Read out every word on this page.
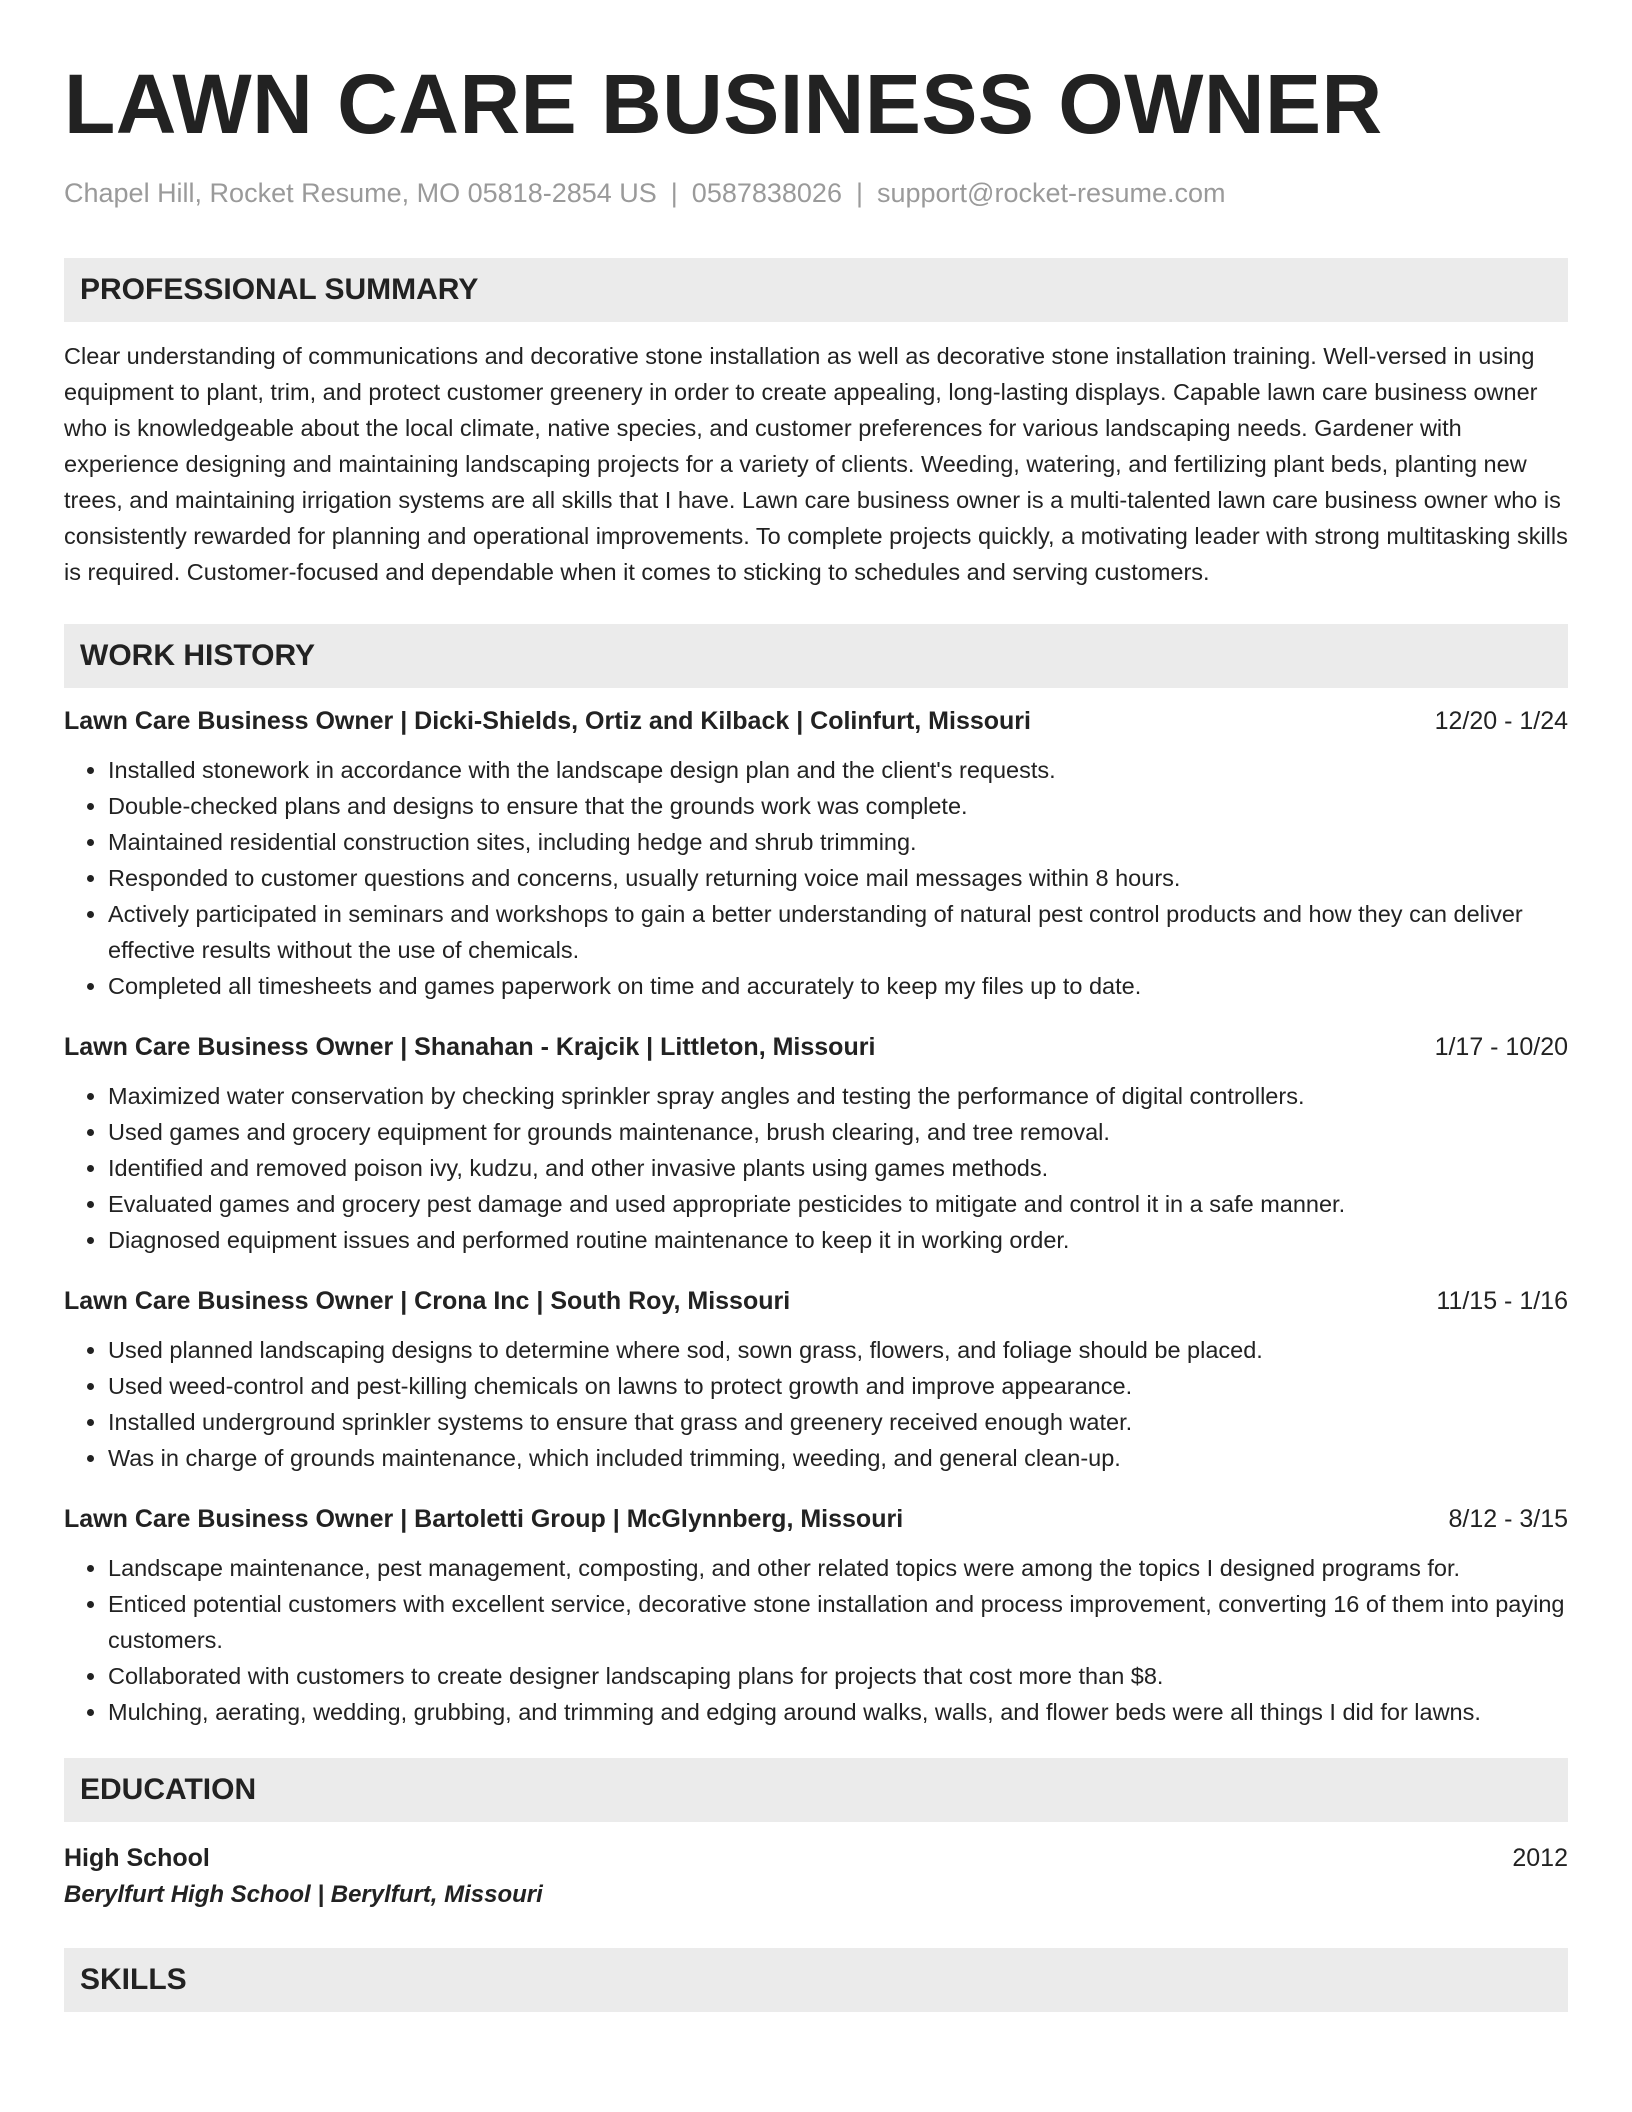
LAWN CARE BUSINESS OWNER
Chapel Hill, Rocket Resume, MO 05818-2854 US | 0587838026 | support@rocket-resume.com
PROFESSIONAL SUMMARY
Clear understanding of communications and decorative stone installation as well as decorative stone installation training. Well-versed in using equipment to plant, trim, and protect customer greenery in order to create appealing, long-lasting displays. Capable lawn care business owner who is knowledgeable about the local climate, native species, and customer preferences for various landscaping needs. Gardener with experience designing and maintaining landscaping projects for a variety of clients. Weeding, watering, and fertilizing plant beds, planting new trees, and maintaining irrigation systems are all skills that I have. Lawn care business owner is a multi-talented lawn care business owner who is consistently rewarded for planning and operational improvements. To complete projects quickly, a motivating leader with strong multitasking skills is required. Customer-focused and dependable when it comes to sticking to schedules and serving customers.
WORK HISTORY
Lawn Care Business Owner | Dicki-Shields, Ortiz and Kilback | Colinfurt, Missouri	12/20 - 1/24
• Installed stonework in accordance with the landscape design plan and the client's requests.
• Double-checked plans and designs to ensure that the grounds work was complete.
• Maintained residential construction sites, including hedge and shrub trimming.
• Responded to customer questions and concerns, usually returning voice mail messages within 8 hours.
• Actively participated in seminars and workshops to gain a better understanding of natural pest control products and how they can deliver effective results without the use of chemicals.
• Completed all timesheets and games paperwork on time and accurately to keep my files up to date.
Lawn Care Business Owner | Shanahan - Krajcik | Littleton, Missouri	1/17 - 10/20
• Maximized water conservation by checking sprinkler spray angles and testing the performance of digital controllers.
• Used games and grocery equipment for grounds maintenance, brush clearing, and tree removal.
• Identified and removed poison ivy, kudzu, and other invasive plants using games methods.
• Evaluated games and grocery pest damage and used appropriate pesticides to mitigate and control it in a safe manner.
• Diagnosed equipment issues and performed routine maintenance to keep it in working order.
Lawn Care Business Owner | Crona Inc | South Roy, Missouri	11/15 - 1/16
• Used planned landscaping designs to determine where sod, sown grass, flowers, and foliage should be placed.
• Used weed-control and pest-killing chemicals on lawns to protect growth and improve appearance.
• Installed underground sprinkler systems to ensure that grass and greenery received enough water.
• Was in charge of grounds maintenance, which included trimming, weeding, and general clean-up.
Lawn Care Business Owner | Bartoletti Group | McGlynnberg, Missouri	8/12 - 3/15
• Landscape maintenance, pest management, composting, and other related topics were among the topics I designed programs for.
• Enticed potential customers with excellent service, decorative stone installation and process improvement, converting 16 of them into paying customers.
• Collaborated with customers to create designer landscaping plans for projects that cost more than $8.
• Mulching, aerating, wedding, grubbing, and trimming and edging around walks, walls, and flower beds were all things I did for lawns.
EDUCATION
High School	2012
Berylfurt High School | Berylfurt, Missouri
SKILLS
